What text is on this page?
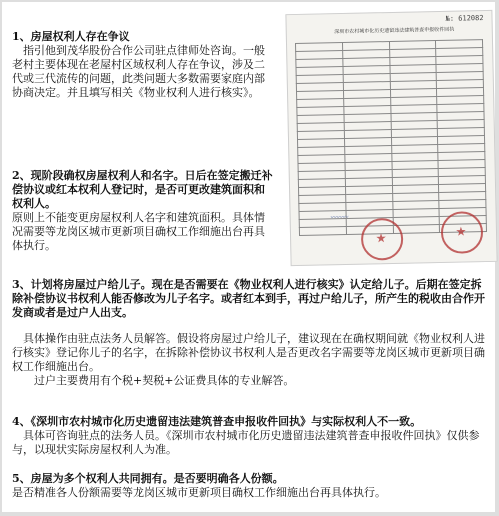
1、房屋权利人存在争议

指引他到茂华股份合作公司驻点律师处咨询。一般老村主要体现在老屋村区域权利人存在争议，涉及二代或三代流传的问题，此类问题大多数需要家庭内部协商决定。并且填写相关《物业权利人进行核实》。

2、现阶段确权房屋权利人和名字。日后在签定搬迁补偿协议或红本权利人登记时，是否可更改建筑面积和权利人。

原则上不能变更房屋权利人名字和建筑面积。具体情况需要等龙岗区城市更新项目确权工作细施出台再具体执行。

3、计划将房屋过户给儿子。现在是否需要在《物业权利人进行核实》认定给儿子。后期在签定拆除补偿协议书权利人能否修改为儿子名字。或者红本到手，再过户给儿子，所产生的税收由合作开发商或者是过户人出支。

具体操作由驻点法务人员解答。假设将房屋过户给儿子，建议现在在确权期间就《物业权利人进行核实》登记你儿子的名字，在拆除补偿协议书权利人是否更改名字需要等龙岗区城市更新项目确权工作细施出台。

过户主要费用有个税+契税+公证费具体的专业解答。

4、《深圳市农村城市化历史遗留违法建筑普查申报收件回执》与实际权利人不一致。

具体可咨询驻点的法务人员。《深圳市农村城市化历史遗留违法建筑普查申报收件回执》仅供参与，以现状实际房屋权利人为准。

5、房屋为多个权利人共同拥有。是否要明确各人份额。

是否精准各人份额需要等龙岗区城市更新项目确权工作细施出台再具体执行。

№: 612082
深圳市农村城市化历史遗留违法建筑普查申报收件回执

〰〰〰
